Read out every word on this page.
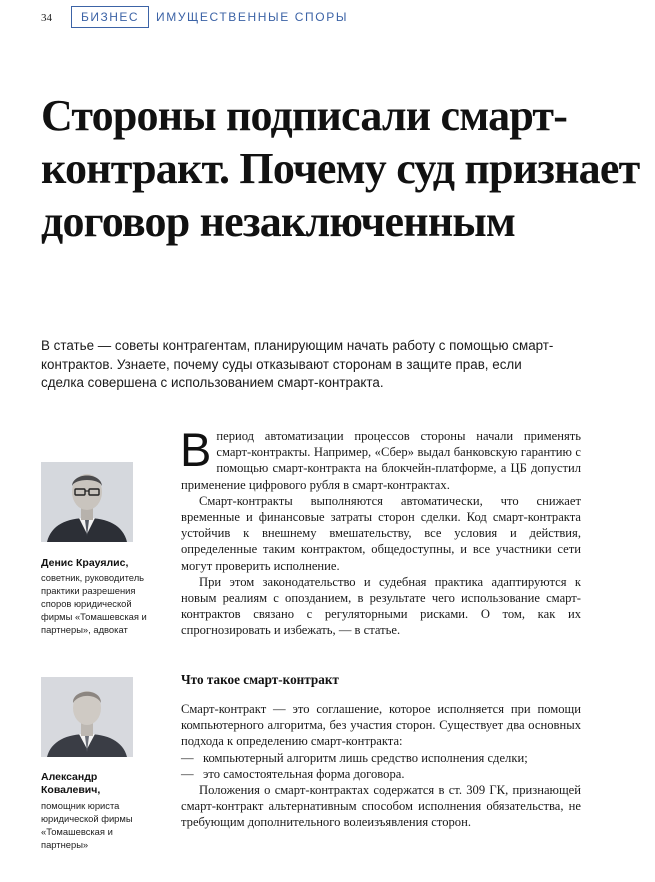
34	БИЗНЕС	ИМУЩЕСТВЕННЫЕ СПОРЫ
Стороны подписали смарт-контракт. Почему суд признает договор незаключенным

В статье — советы контрагентам, планирующим начать работу с помощью смарт-контрактов. Узнаете, почему суды отказывают сторонам в защите прав, если сделка совершена с использованием смарт-контракта.

Денис Крауялис,
советник, руководитель практики разрешения споров юридической фирмы «Томашевская и партнеры», адвокат
Александр Ковалевич,
помощник юриста юридической фирмы «Томашевская и партнеры»

В период автоматизации процессов стороны начали применять смарт-контракты. Например, «Сбер» выдал банковскую гарантию с помощью смарт-контракта на блокчейн-платформе, а ЦБ допустил применение цифрового рубля в смарт-контрактах.

Смарт-контракты выполняются автоматически, что снижает временные и финансовые затраты сторон сделки. Код смарт-контракта устойчив к внешнему вмешательству, все условия и действия, определенные таким контрактом, общедоступны, и все участники сети могут проверить исполнение.

При этом законодательство и судебная практика адаптируются к новым реалиям с опозданием, в результате чего использование смарт-контрактов связано с регуляторными рисками. О том, как их спрогнозировать и избежать, — в статье.

Что такое смарт-контракт

Смарт-контракт — это соглашение, которое исполняется при помощи компьютерного алгоритма, без участия сторон. Существует два основных подхода к определению смарт-контракта:

— компьютерный алгоритм лишь средство исполнения сделки;
— это самостоятельная форма договора.

Положения о смарт-контрактах содержатся в ст. 309 ГК, признающей смарт-контракт альтернативным способом исполнения обязательства, не требующим дополнительного волеизъявления сторон.
